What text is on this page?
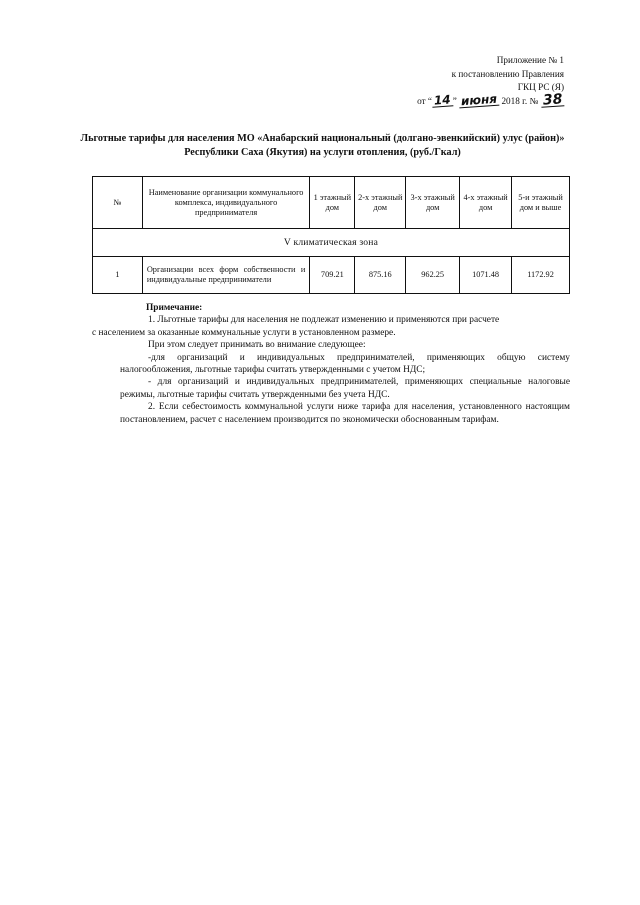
Приложение № 1
к постановлению Правления
ГКЦ РС (Я)
от “14 ” июня 2018 г. № 38
Льготные тарифы для населения МО «Анабарский национальный (долгано-эвенкийский) улус (район)» Республики Саха (Якутия) на услуги отопления, (руб./Гкал)
№	Наименование организации коммунального комплекса, индивидуального предпринимателя	1 этажный дом	2-х этажный дом	3-х этажный дом	4-х этажный дом	5-и этажный дом и выше
V климатическая зона						
1	Организации всех форм собственности и индивидуальные предприниматели	709.21	875.16	962.25	1071.48	1172.92

Примечание:

1. Льготные тарифы для населения не подлежат изменению и применяются при расчете

с населением за оказанные коммунальные услуги в установленном размере.

При этом следует принимать во внимание следующее:

-для организаций и индивидуальных предпринимателей, применяющих общую систему налогообложения, льготные тарифы считать утвержденными с учетом НДС;

- для организаций и индивидуальных предпринимателей, применяющих специальные налоговые режимы, льготные тарифы считать утвержденными без учета НДС.

2. Если себестоимость коммунальной услуги ниже тарифа для населения, установленного настоящим постановлением, расчет с населением производится по экономически обоснованным тарифам.
